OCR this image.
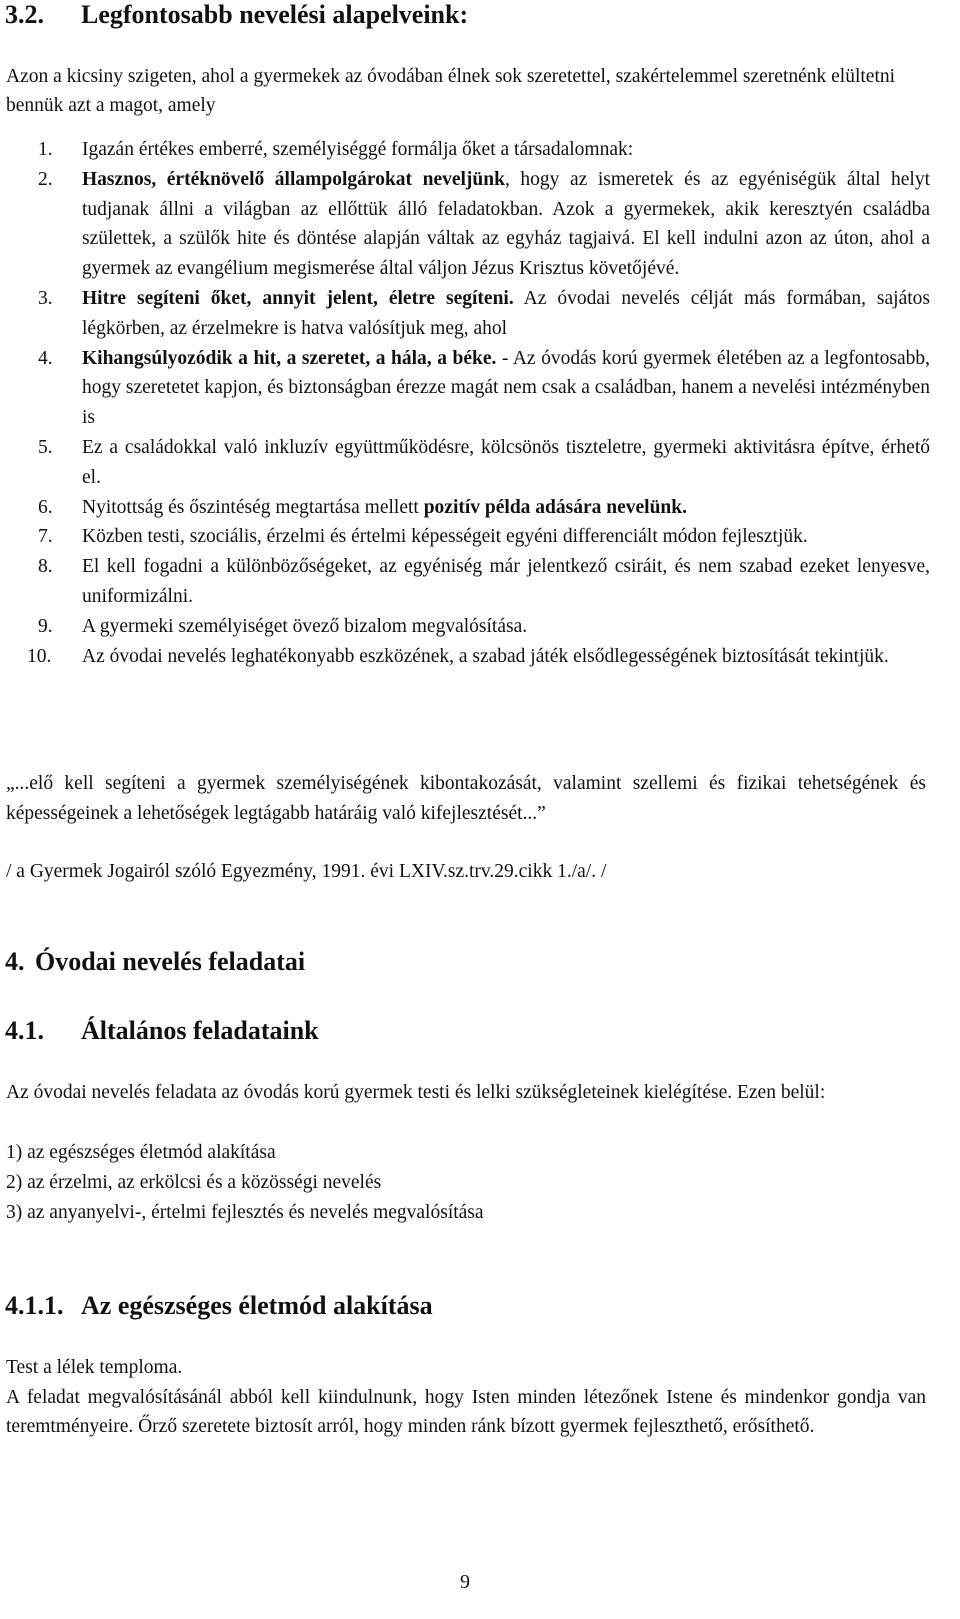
3.2. Legfontosabb nevelési alapelveink:

Azon a kicsiny szigeten, ahol a gyermekek az óvodában élnek sok szeretettel, szakértelemmel szeretnénk elültetni bennük azt a magot, amely

1. Igazán értékes emberré, személyiséggé formálja őket a társadalomnak:
2. Hasznos, értéknövelő állampolgárokat neveljünk, hogy az ismeretek és az egyéniségük által helyt tudjanak állni a világban az ellőttük álló feladatokban. Azok a gyermekek, akik keresztyén családba születtek, a szülők hite és döntése alapján váltak az egyház tagjaivá. El kell indulni azon az úton, ahol a gyermek az evangélium megismerése által váljon Jézus Krisztus követőjévé.
3. Hitre segíteni őket, annyit jelent, életre segíteni. Az óvodai nevelés célját más formában, sajátos légkörben, az érzelmekre is hatva valósítjuk meg, ahol
4. Kihangsúlyozódik a hit, a szeretet, a hála, a béke. - Az óvodás korú gyermek életében az a legfontosabb, hogy szeretetet kapjon, és biztonságban érezze magát nem csak a családban, hanem a nevelési intézményben is
5. Ez a családokkal való inkluzív együttműködésre, kölcsönös tiszteletre, gyermeki aktivitásra építve, érhető el.
6. Nyitottság és őszintéség megtartása mellett pozitív példa adására nevelünk.
7. Közben testi, szociális, érzelmi és értelmi képességeit egyéni differenciált módon fejlesztjük.
8. El kell fogadni a különbözőségeket, az egyéniség már jelentkező csiráit, és nem szabad ezeket lenyesve, uniformizálni.
9. A gyermeki személyiséget övező bizalom megvalósítása.
10. Az óvodai nevelés leghatékonyabb eszközének, a szabad játék elsődlegességének biztosítását tekintjük.

„...elő kell segíteni a gyermek személyiségének kibontakozását, valamint szellemi és fizikai tehetségének és képességeinek a lehetőségek legtágabb határáig való kifejlesztését...”

/ a Gyermek Jogairól szóló Egyezmény, 1991. évi LXIV.sz.trv.29.cikk 1./a/. /

4. Óvodai nevelés feladatai
4.1. Általános feladataink

Az óvodai nevelés feladata az óvodás korú gyermek testi és lelki szükségleteinek kielégítése. Ezen belül:

1) az egészséges életmód alakítása

2) az érzelmi, az erkölcsi és a közösségi nevelés

3) az anyanyelvi-, értelmi fejlesztés és nevelés megvalósítása

4.1.1. Az egészséges életmód alakítása

Test a lélek temploma.

A feladat megvalósításánál abból kell kiindulnunk, hogy Isten minden létezőnek Istene és mindenkor gondja van teremtményeire. Őrző szeretete biztosít arról, hogy minden ránk bízott gyermek fejleszthető, erősíthető.

9
